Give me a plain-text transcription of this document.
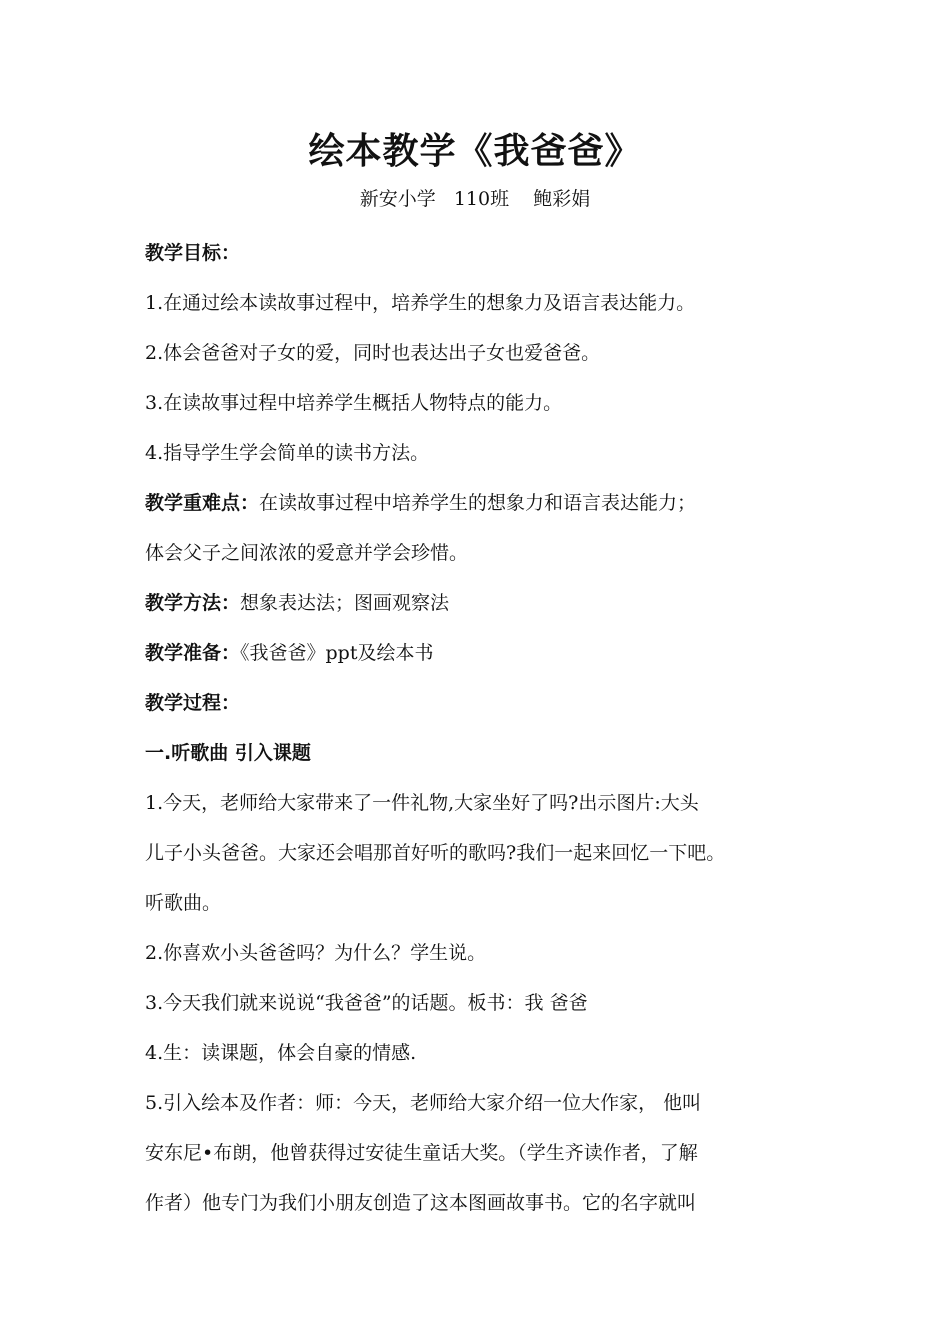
绘本教学《我爸爸》
新安小学   110班    鲍彩娟
教学目标：
1.在通过绘本读故事过程中，培养学生的想象力及语言表达能力。
2.体会爸爸对子女的爱，同时也表达出子女也爱爸爸。
3.在读故事过程中培养学生概括人物特点的能力。
4.指导学生学会简单的读书方法。
教学重难点：在读故事过程中培养学生的想象力和语言表达能力；
体会父子之间浓浓的爱意并学会珍惜。
教学方法：想象表达法；图画观察法
教学准备：《我爸爸》ppt及绘本书
教学过程：
一.听歌曲 引入课题
1.今天，老师给大家带来了一件礼物,大家坐好了吗?出示图片:大头
儿子小头爸爸。大家还会唱那首好听的歌吗?我们一起来回忆一下吧。
听歌曲。
2.你喜欢小头爸爸吗？为什么？学生说。
3.今天我们就来说说“我爸爸”的话题。板书：我 爸爸
4.生：读课题，体会自豪的情感.
5.引入绘本及作者：师：今天，老师给大家介绍一位大作家， 他叫
安东尼•布朗，他曾获得过安徒生童话大奖。（学生齐读作者，了解
作者）他专门为我们小朋友创造了这本图画故事书。它的名字就叫
